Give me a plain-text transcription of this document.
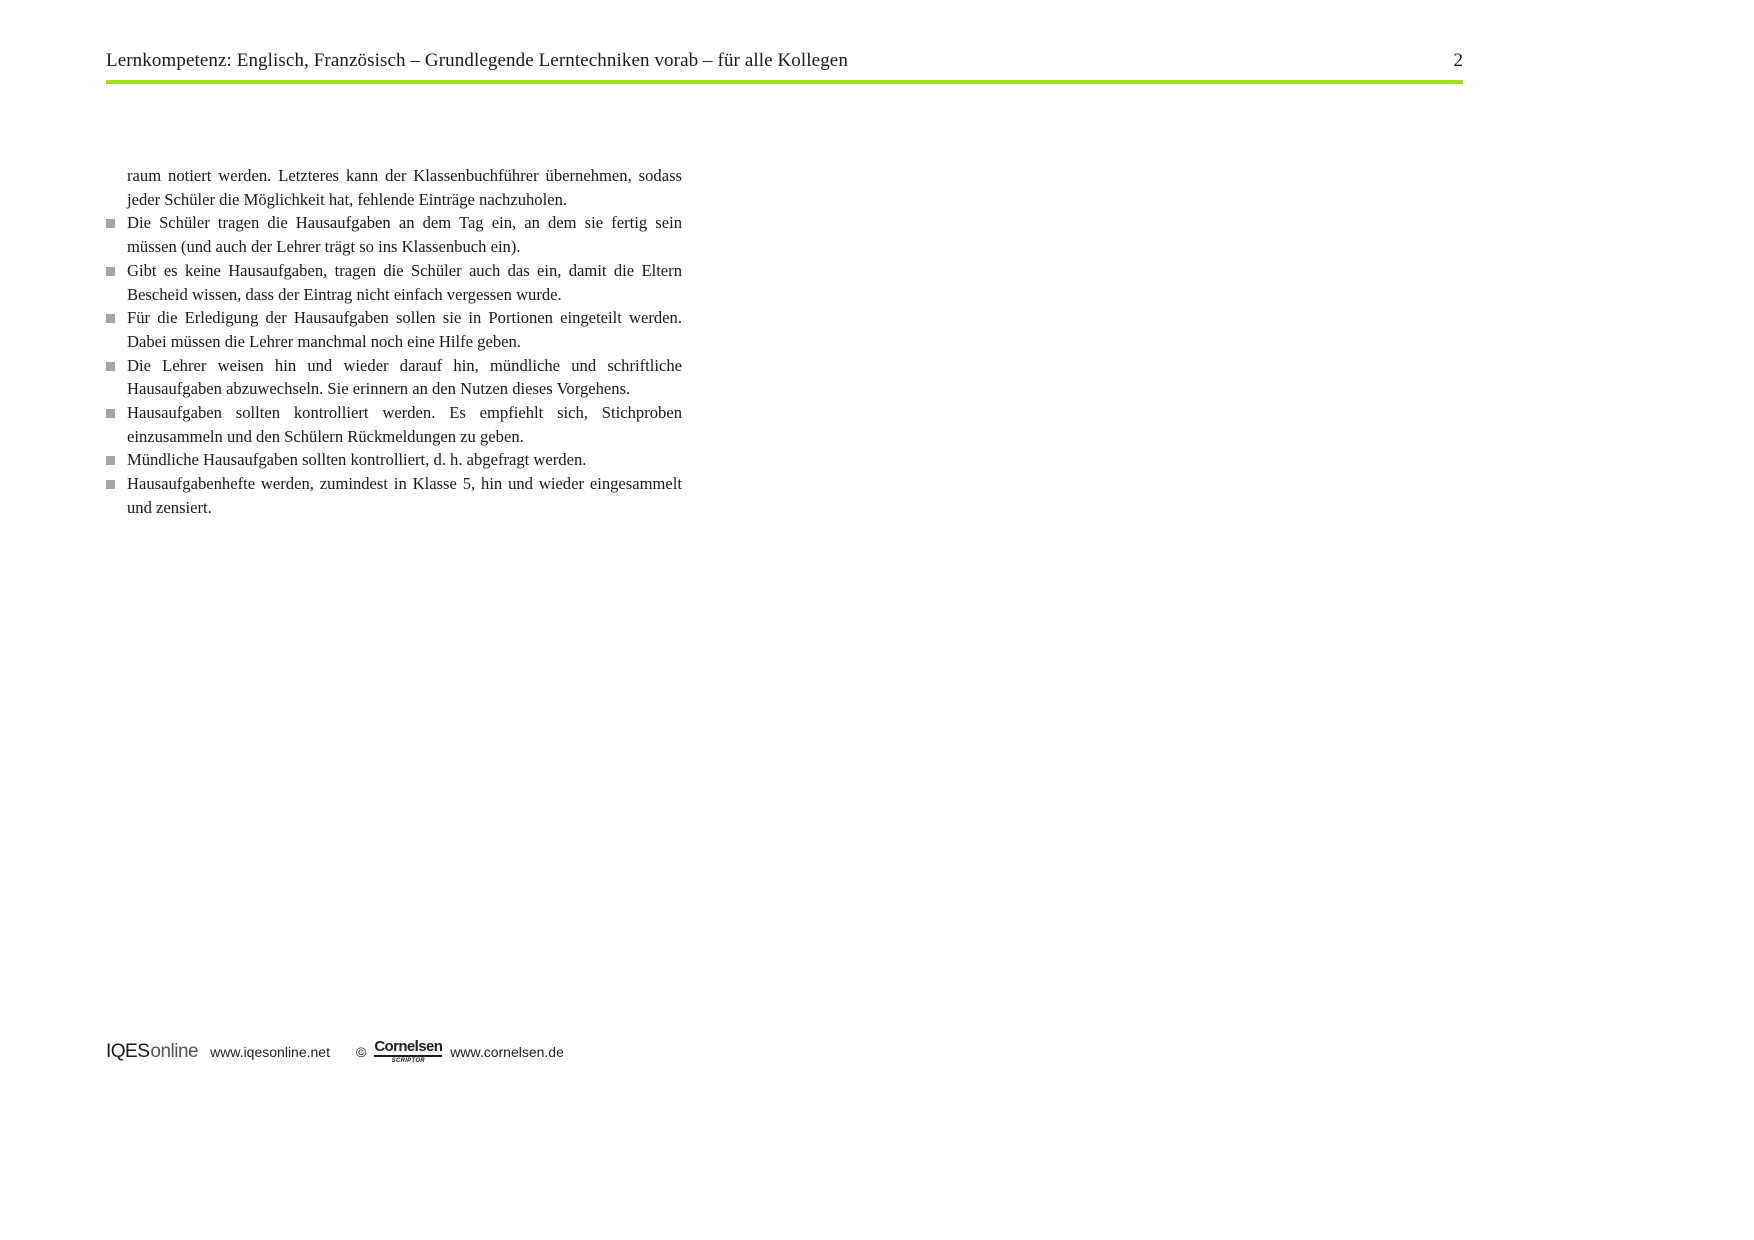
Lernkompetenz: Englisch, Französisch – Grundlegende Lerntechniken vorab – für alle Kollegen	2

raum notiert werden. Letzteres kann der Klassenbuchführer übernehmen, sodass jeder Schüler die Möglichkeit hat, fehlende Einträge nachzuholen.

Die Schüler tragen die Hausaufgaben an dem Tag ein, an dem sie fertig sein müssen (und auch der Lehrer trägt so ins Klassenbuch ein).
Gibt es keine Hausaufgaben, tragen die Schüler auch das ein, damit die Eltern Bescheid wissen, dass der Eintrag nicht einfach vergessen wurde.
Für die Erledigung der Hausaufgaben sollen sie in Portionen eingeteilt werden. Dabei müssen die Lehrer manchmal noch eine Hilfe geben.
Die Lehrer weisen hin und wieder darauf hin, mündliche und schriftliche Hausaufgaben abzuwechseln. Sie erinnern an den Nutzen dieses Vorgehens.
Hausaufgaben sollten kontrolliert werden. Es empfiehlt sich, Stichproben einzusammeln und den Schülern Rückmeldungen zu geben.
Mündliche Hausaufgaben sollten kontrolliert, d. h. abgefragt werden.
Hausaufgabenhefte werden, zumindest in Klasse 5, hin und wieder eingesammelt und zensiert.
IQES online www.iqesonline.net © Cornelsen
SCRIPTOR
www.cornelsen.de
